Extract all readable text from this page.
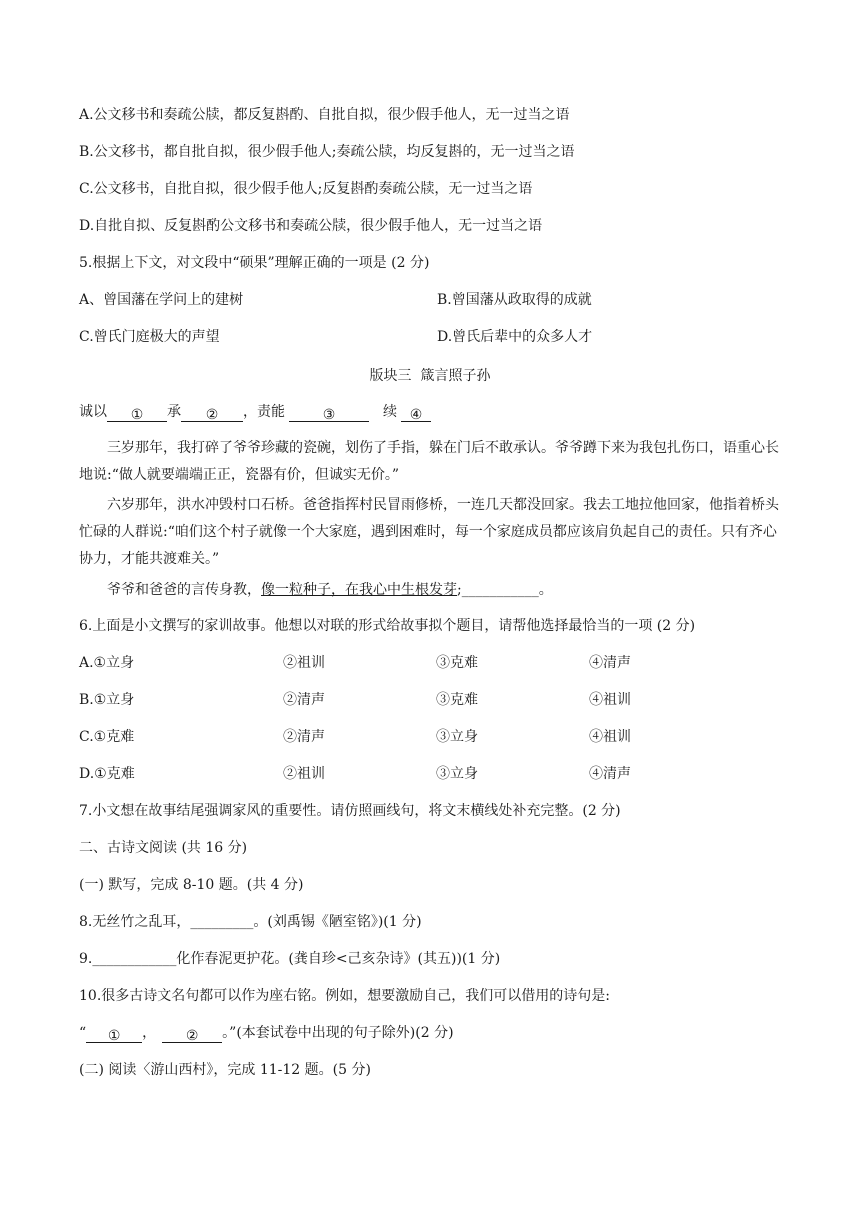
A.公文移书和奏疏公牍，都反复斟酌、自批自拟，很少假手他人，无一过当之语
B.公文移书，都自批自拟，很少假手他人;奏疏公牍，均反复斟的，无一过当之语
C.公文移书，自批自拟，很少假手他人;反复斟酌奏疏公牍，无一过当之语
D.自批自拟、反复斟酌公文移书和奏疏公牍，很少假手他人，无一过当之语
5.根据上下文，对文段中“硕果”理解正确的一项是 (2 分)
A、曾国藩在学问上的建树	B.曾国藩从政取得的成就
C.曾氏门庭极大的声望	D.曾氏后辈中的众多人才
版块三  箴言照子孙
诚以 ① 承 ② ，责能	③	续 ④
三岁那年，我打碎了爷爷珍藏的瓷碗，划伤了手指，躲在门后不敢承认。爷爷蹲下来为我包扎伤口，语重心长地说:“做人就要端端正正，瓷器有价，但诚实无价。”
六岁那年，洪水冲毁村口石桥。爸爸指挥村民冒雨修桥，一连几天都没回家。我去工地拉他回家，他指着桥头忙碌的人群说:“咱们这个村子就像一个大家庭，遇到困难时，每一个家庭成员都应该肩负起自己的责任。只有齐心协力，才能共渡难关。”
爷爷和爸爸的言传身教，像一粒种子，在我心中生根发芽;___________。
6.上面是小文撰写的家训故事。他想以对联的形式给故事拟个题目，请帮他选择最恰当的一项 (2 分)
A.①立身	②祖训	③克难	④清声
B.①立身	②清声	③克难	④祖训
C.①克难	②清声	③立身	④祖训
D.①克难	②祖训	③立身	④清声
7.小文想在故事结尾强调家风的重要性。请仿照画线句，将文末横线处补充完整。(2 分)
二、古诗文阅读 (共 16 分)
(一) 默写，完成 8-10 题。(共 4 分)
8.无丝竹之乱耳，_________。(刘禹锡《陋室铭》)(1 分)
9.____________化作春泥更护花。(龚自珍<己亥杂诗》(其五))(1 分)
10.很多古诗文名句都可以作为座右铭。例如，想要激励自己，我们可以借用的诗句是:
“ ① ， ② 。”(本套试卷中出现的句子除外)(2 分)
(二) 阅读〈游山西村》，完成 11-12 题。(5 分)
